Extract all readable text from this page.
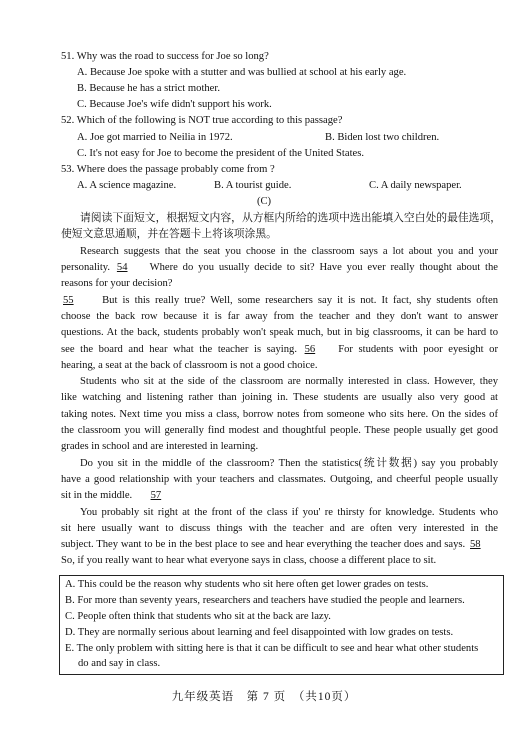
51. Why was the road to success for Joe so long?
A. Because Joe spoke with a stutter and was bullied at school at his early age.
B. Because he has a strict mother.
C. Because Joe's wife didn't support his work.
52. Which of the following is NOT true according to this passage?
A. Joe got married to Neilia in 1972.	B. Biden lost two children.
C. It's not easy for Joe to become the president of the United States.
53. Where does the passage probably come from ?
A. A science magazine.	B. A tourist guide.	C. A daily newspaper.
(C)
请阅读下面短文，根据短文内容，从方框内所给的选项中选出能填入空白处的最佳选项，
使短文意思通顺，并在答题卡上将该项涂黑。
Research suggests that the seat you choose in the classroom says a lot about you and your
personality. 54 Where do you usually decide to sit? Have you ever really thought about the
reasons for your decision?
55	But is this really true? Well, some researchers say it is not. It fact, shy students often
choose the back row because it is far away from the teacher and they don't want to answer
questions. At the back, students probably won't speak much, but in big classrooms, it can be hard to
see the board and hear what the teacher is saying. 56 For students with poor eyesight or
hearing, a seat at the back of classroom is not a good choice.
Students who sit at the side of the classroom are normally interested in class. However, they
like watching and listening rather than joining in. These students are usually also very good at
taking notes. Next time you miss a class, borrow notes from someone who sits here. On the sides of
the classroom you will generally find modest and thoughtful people. These people usually get good
grades in school and are interested in learning.
Do you sit in the middle of the classroom? Then the statistics(统计数据) say you probably
have a good relationship with your teachers and classmates. Outgoing, and cheerful people usually
sit in the middle. 57
You probably sit right at the front of the class if you' re thirsty for knowledge. Students who
sit here usually want to discuss things with the teacher and are often very interested in the
subject. They want to be in the best place to see and hear everything the teacher does and says. 58
So, if you really want to hear what everyone says in class, choose a different place to sit.
A. This could be the reason why students who sit here often get lower grades on tests.
B. For more than seventy years, researchers and teachers have studied the people and learners.
C. People often think that students who sit at the back are lazy.
D. They are normally serious about learning and feel disappointed with low grades on tests.
E. The only problem with sitting here is that it can be difficult to see and hear what other students
do and say in class.
九年级英语　第 7 页　（共10页）
